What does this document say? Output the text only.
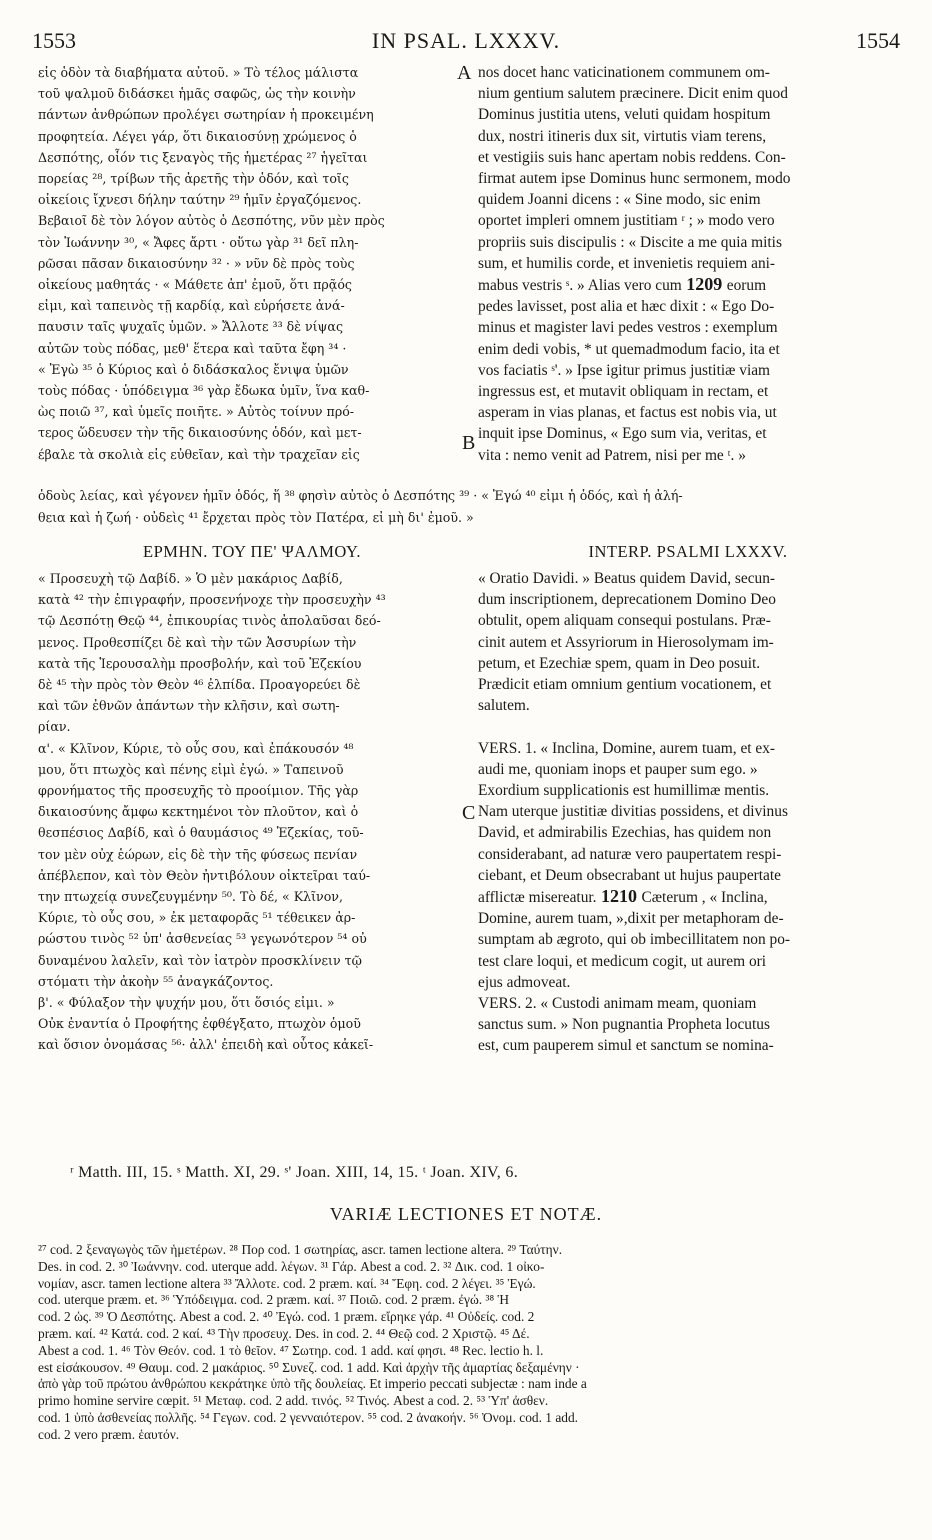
1553	IN PSAL. LXXXV.	1554
A
B
C
εἰς ὁδὸν τὰ διαβήματα αὐτοῦ. » Τὸ τέλος μάλιστα
τοῦ ψαλμοῦ διδάσκει ἡμᾶς σαφῶς, ὡς τὴν κοινὴν
πάντων ἀνθρώπων προλέγει σωτηρίαν ἡ προκειμένη
προφητεία. Λέγει γάρ, ὅτι δικαιοσύνῃ χρώμενος ὁ
Δεσπότης, οἷόν τις ξεναγὸς τῆς ἡμετέρας ²⁷ ἡγεῖται
πορείας ²⁸, τρίβων τῆς ἀρετῆς τὴν ὁδόν, καὶ τοῖς
οἰκείοις ἴχνεσι δήλην ταύτην ²⁹ ἡμῖν ἐργαζόμενος.
Βεβαιοῖ δὲ τὸν λόγον αὐτὸς ὁ Δεσπότης, νῦν μὲν πρὸς
τὸν Ἰωάννην ³⁰, « Ἄφες ἄρτι · οὕτω γὰρ ³¹ δεῖ πλη-
ρῶσαι πᾶσαν δικαιοσύνην ³² · » νῦν δὲ πρὸς τοὺς
οἰκείους μαθητάς · « Μάθετε ἀπ' ἐμοῦ, ὅτι πρᾷός
εἰμι, καὶ ταπεινὸς τῇ καρδίᾳ, καὶ εὑρήσετε ἀνά-
παυσιν ταῖς ψυχαῖς ὑμῶν. » Ἄλλοτε ³³ δὲ νίψας
αὐτῶν τοὺς πόδας, μεθ' ἕτερα καὶ ταῦτα ἔφη ³⁴ ·
« Ἐγὼ ³⁵ ὁ Κύριος καὶ ὁ διδάσκαλος ἔνιψα ὑμῶν
τοὺς πόδας · ὑπόδειγμα ³⁶ γὰρ ἔδωκα ὑμῖν, ἵνα καθ-
ὼς ποιῶ ³⁷, καὶ ὑμεῖς ποιῆτε. » Αὐτὸς τοίνυν πρό-
τερος ὥδευσεν τὴν τῆς δικαιοσύνης ὁδόν, καὶ μετ-
έβαλε τὰ σκολιὰ εἰς εὐθεῖαν, καὶ τὴν τραχεῖαν εἰς
nos docet hanc vaticinationem communem om-
nium gentium salutem præcinere. Dicit enim quod
Dominus justitia utens, veluti quidam hospitum
dux, nostri itineris dux sit, virtutis viam terens,
et vestigiis suis hanc apertam nobis reddens. Con-
firmat autem ipse Dominus hunc sermonem, modo
quidem Joanni dicens : « Sine modo, sic enim
oportet impleri omnem justitiam ʳ ; » modo vero
propriis suis discipulis : « Discite a me quia mitis
sum, et humilis corde, et invenietis requiem ani-
mabus vestris ˢ. » Alias vero cum 1209 eorum
pedes lavisset, post alia et hæc dixit : « Ego Do-
minus et magister lavi pedes vestros : exemplum
enim dedi vobis, * ut quemadmodum facio, ita et
vos faciatis ˢ'. » Ipse igitur primus justitiæ viam
ingressus est, et mutavit obliquam in rectam, et
asperam in vias planas, et factus est nobis via, ut
inquit ipse Dominus, « Ego sum via, veritas, et
vita : nemo venit ad Patrem, nisi per me ᵗ. »
ὁδοὺς λείας, καὶ γέγονεν ἡμῖν ὁδός, ἥ ³⁸ φησὶν αὐτὸς ὁ Δεσπότης ³⁹ · « Ἐγώ ⁴⁰ εἰμι ἡ ὁδός, καὶ ἡ ἀλή-
θεια καὶ ἡ ζωή · οὐδεὶς ⁴¹ ἔρχεται πρὸς τὸν Πατέρα, εἰ μὴ δι' ἐμοῦ. »
ΕΡΜΗΝ. ΤΟΥ ΠΕ' ΨΑΛΜΟΥ.	INTERP. PSALMI LXXXV.
« Προσευχὴ τῷ Δαβίδ. » Ὁ μὲν μακάριος Δαβίδ,
κατὰ ⁴² τὴν ἐπιγραφήν, προσενήνοχε τὴν προσευχὴν ⁴³
τῷ Δεσπότῃ Θεῷ ⁴⁴, ἐπικουρίας τινὸς ἀπολαῦσαι δεό-
μενος. Προθεσπίζει δὲ καὶ τὴν τῶν Ἀσσυρίων τὴν
κατὰ τῆς Ἱερουσαλὴμ προσβολήν, καὶ τοῦ Ἐζεκίου
δὲ ⁴⁵ τὴν πρὸς τὸν Θεὸν ⁴⁶ ἐλπίδα. Προαγορεύει δὲ
καὶ τῶν ἐθνῶν ἁπάντων τὴν κλῆσιν, καὶ σωτη-
ρίαν.
α'. « Κλῖνον, Κύριε, τὸ οὖς σου, καὶ ἐπάκουσόν ⁴⁸
μου, ὅτι πτωχὸς καὶ πένης εἰμὶ ἐγώ. » Ταπεινοῦ
φρονήματος τῆς προσευχῆς τὸ προοίμιον. Τῆς γὰρ
δικαιοσύνης ἄμφω κεκτημένοι τὸν πλοῦτον, καὶ ὁ
θεσπέσιος Δαβίδ, καὶ ὁ θαυμάσιος ⁴⁹ Ἐζεκίας, τοῦ-
τον μὲν οὐχ ἑώρων, εἰς δὲ τὴν τῆς φύσεως πενίαν
ἀπέβλεπον, καὶ τὸν Θεὸν ἠντιβόλουν οἰκτεῖραι ταύ-
την πτωχείᾳ συνεζευγμένην ⁵⁰. Τὸ δέ, « Κλῖνον,
Κύριε, τὸ οὖς σου, » ἐκ μεταφορᾶς ⁵¹ τέθεικεν ἀρ-
ρώστου τινὸς ⁵² ὑπ' ἀσθενείας ⁵³ γεγωνότερον ⁵⁴ οὐ
δυναμένου λαλεῖν, καὶ τὸν ἰατρὸν προσκλίνειν τῷ
στόματι τὴν ἀκοὴν ⁵⁵ ἀναγκάζοντος.
β'. « Φύλαξον τὴν ψυχήν μου, ὅτι ὅσιός εἰμι. »
Οὐκ ἐναντία ὁ Προφήτης ἐφθέγξατο, πτωχὸν ὁμοῦ
καὶ ὅσιον ὀνομάσας ⁵⁶· ἀλλ' ἐπειδὴ καὶ οὗτος κἀκεῖ-
« Oratio Davidi. » Beatus quidem David, secun-
dum inscriptionem, deprecationem Domino Deo
obtulit, opem aliquam consequi postulans. Præ-
cinit autem et Assyriorum in Hierosolymam im-
petum, et Ezechiæ spem, quam in Deo posuit.
Prædicit etiam omnium gentium vocationem, et
salutem.

VERS. 1. « Inclina, Domine, aurem tuam, et ex-
audi me, quoniam inops et pauper sum ego. »
Exordium supplicationis est humillimæ mentis.
Nam uterque justitiæ divitias possidens, et divinus
David, et admirabilis Ezechias, has quidem non
considerabant, ad naturæ vero paupertatem respi-
ciebant, et Deum obsecrabant ut hujus paupertate
afflictæ misereatur. 1210 Cæterum , « Inclina,
Domine, aurem tuam, »,dixit per metaphoram de-
sumptam ab ægroto, qui ob imbecillitatem non po-
test clare loqui, et medicum cogit, ut aurem ori
ejus admoveat.
VERS. 2. « Custodi animam meam, quoniam
sanctus sum. » Non pugnantia Propheta locutus
est, cum pauperem simul et sanctum se nomina-
ʳ Matth. III, 15. ˢ Matth. XI, 29. ˢ' Joan. XIII, 14, 15. ᵗ Joan. XIV, 6.
VARIÆ LECTIONES ET NOTÆ.
²⁷ cod. 2 ξεναγωγὸς τῶν ἡμετέρων. ²⁸ Πορ cod. 1 σωτηρίας, ascr. tamen lectione altera. ²⁹ Ταύτην.
Des. in cod. 2. ³⁰ Ἰωάννην. cod. uterque add. λέγων. ³¹ Γάρ. Abest a cod. 2. ³² Δικ. cod. 1 οἰκο-
νομίαν, ascr. tamen lectione altera ³³ Ἄλλοτε. cod. 2 præm. καί. ³⁴ Ἔφη. cod. 2 λέγει. ³⁵ Ἐγώ.
cod. uterque præm. et. ³⁶ Ὑπόδειγμα. cod. 2 præm. καί. ³⁷ Ποιῶ. cod. 2 præm. ἐγώ. ³⁸ Ἡ
cod. 2 ὡς. ³⁹ Ὁ Δεσπότης. Abest a cod. 2. ⁴⁰ Ἐγώ. cod. 1 præm. εἴρηκε γάρ. ⁴¹ Οὐδείς. cod. 2
præm. καί. ⁴² Κατά. cod. 2 καί. ⁴³ Τὴν προσευχ. Des. in cod. 2. ⁴⁴ Θεῷ cod. 2 Χριστῷ. ⁴⁵ Δέ.
Abest a cod. 1. ⁴⁶ Τὸν Θεόν. cod. 1 τὸ θεῖον. ⁴⁷ Σωτηρ. cod. 1 add. καί φησι. ⁴⁸ Rec. lectio h. l.
est εἰσάκουσον. ⁴⁹ Θαυμ. cod. 2 μακάριος. ⁵⁰ Συνεζ. cod. 1 add. Καὶ ἀρχὴν τῆς ἁμαρτίας δεξαμένην ·
ἀπὸ γὰρ τοῦ πρώτου ἀνθρώπου κεκράτηκε ὑπὸ τῆς δουλείας. Et imperio peccati subjectæ : nam inde a
primo homine servire cœpit. ⁵¹ Μεταφ. cod. 2 add. τινός. ⁵² Τινός. Abest a cod. 2. ⁵³ Ὑπ' ἀσθεν.
cod. 1 ὑπὸ ἀσθενείας πολλῆς. ⁵⁴ Γεγων. cod. 2 γενναιότερον. ⁵⁵ cod. 2 ἀνακοήν. ⁵⁶ Ὀνομ. cod. 1 add.
cod. 2 vero præm. ἑαυτόν.
